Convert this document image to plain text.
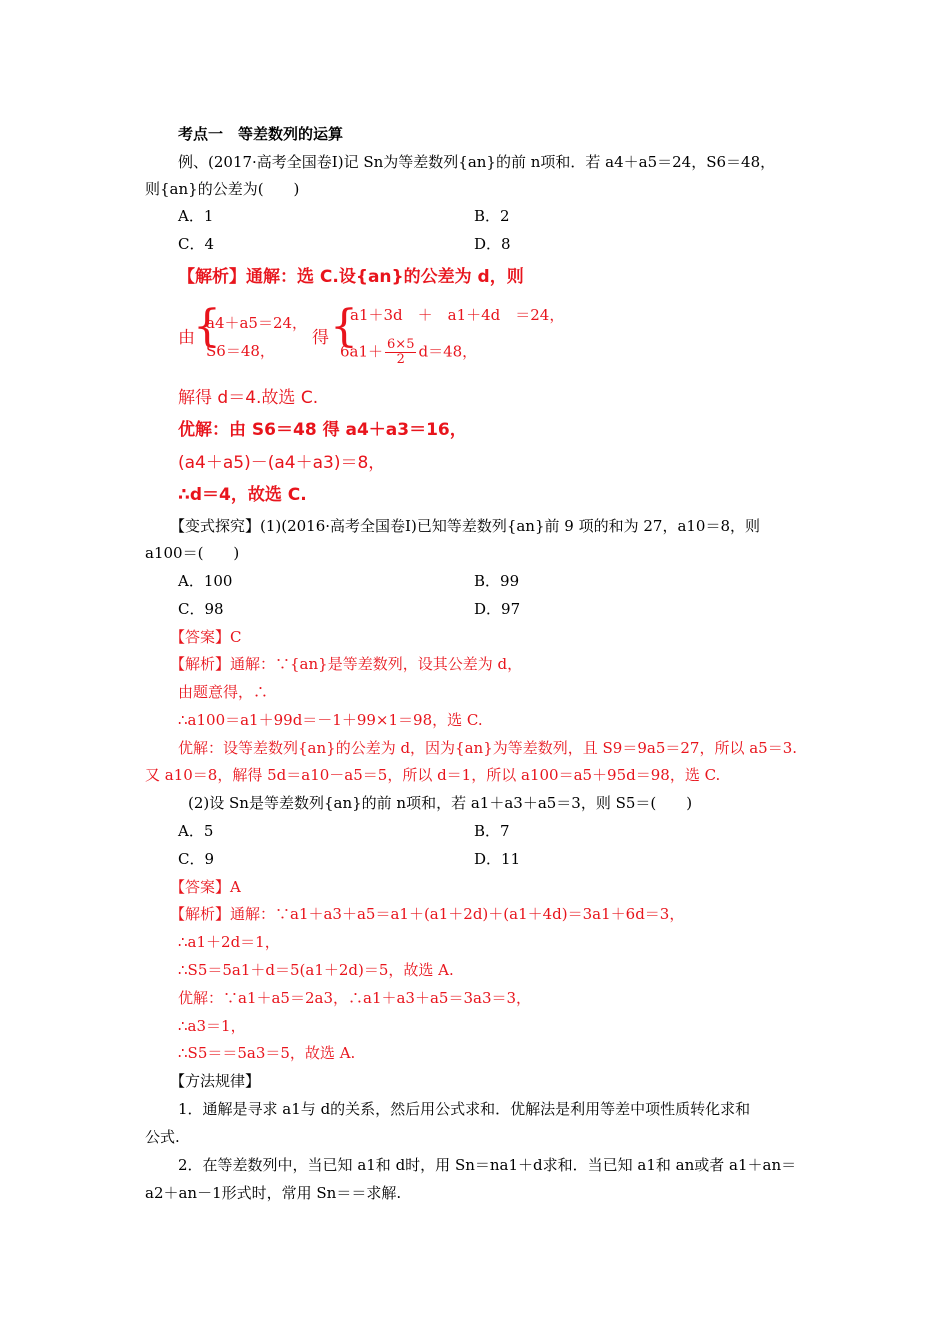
考点一　等差数列的运算
例、(2017·高考全国卷Ⅰ)记 Sn为等差数列{an}的前 n项和．若 a4＋a5＝24，S6＝48，
则{an}的公差为(　　)
A．1	B．2
C．4	D．8
【解析】通解：选 C.设{an}的公差为 d，则
由
{
a4＋a5＝24，
S6＝48，
得 {
a1＋3d　＋　a1＋4d　＝24，
$6a1+ \frac{6\times 5}{2} d=48$，
解得 d＝4.故选 C.
优解：由 S6＝48 得 a4＋a3＝16，
(a4＋a5)－(a4＋a3)＝8，
∴d＝4，故选 C.
【变式探究】(1)(2016·高考全国卷Ⅰ)已知等差数列{an}前 9 项的和为 27，a10＝8，则
a100＝(　　)
A．100	B．99
C．98	D．97
【答案】C
【解析】通解：∵{an}是等差数列，设其公差为 d，
由题意得，∴
∴a100＝a1＋99d＝－1＋99×1＝98，选 C.
优解：设等差数列{an}的公差为 d，因为{an}为等差数列，且 S9＝9a5＝27，所以 a5＝3.
又 a10＝8，解得 5d＝a10－a5＝5，所以 d＝1，所以 a100＝a5＋95d＝98，选 C.
(2)设 Sn是等差数列{an}的前 n项和，若 a1＋a3＋a5＝3，则 S5＝(　　)
A．5	B．7
C．9	D．11
【答案】A
【解析】通解：∵a1＋a3＋a5＝a1＋(a1＋2d)＋(a1＋4d)＝3a1＋6d＝3，
∴a1＋2d＝1，
∴S5＝5a1＋d＝5(a1＋2d)＝5，故选 A.
优解：∵a1＋a5＝2a3，∴a1＋a3＋a5＝3a3＝3，
∴a3＝1，
∴S5＝＝5a3＝5，故选 A.
【方法规律】
1．通解是寻求 a1与 d的关系，然后用公式求和．优解法是利用等差中项性质转化求和
公式.
2．在等差数列中，当已知 a1和 d时，用 Sn＝na1＋d求和．当已知 a1和 an或者 a1＋an＝
a2＋an－1形式时，常用 Sn＝＝求解.
